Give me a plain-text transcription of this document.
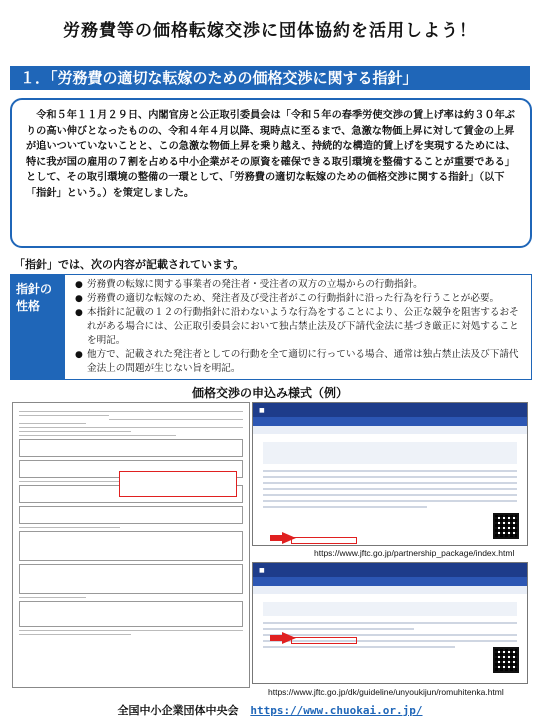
労務費等の価格転嫁交渉に団体協約を活用しよう！
１．「労務費の適切な転嫁のための価格交渉に関する指針」

令和５年１１月２９日、内閣官房と公正取引委員会は「令和５年の春季労使交渉の賃上げ率は約３０年ぶりの高い伸びとなったものの、令和４年４月以降、現時点に至るまで、急激な物価上昇に対して賃金の上昇が追いついていないことと、この急激な物価上昇を乗り越え、持続的な構造的賃上げを実現するためには、特に我が国の雇用の７割を占める中小企業がその原資を確保できる取引環境を整備することが重要である」として、その取引環境の整備の一環として、「労務費の適切な転嫁のための価格交渉に関する指針」（以下「指針」という。）を策定しました。

「指針」では、次の内容が記載されています。
指針の性格
● 労務費の転嫁に関する事業者の発注者・受注者の双方の立場からの行動指針。
● 労務費の適切な転嫁のため、発注者及び受注者がこの行動指針に沿った行為を行うことが必要。
● 本指針に記載の１２の行動指針に沿わないような行為をすることにより、公正な競争を阻害するおそれがある場合には、公正取引委員会において独占禁止法及び下請代金法に基づき厳正に対処することを明記。
● 他方で、記載された発注者としての行動を全て適切に行っている場合、通常は独占禁止法及び下請代金法上の問題が生じない旨を明記。
価格交渉の申込み様式（例）
■
https://www.jftc.go.jp/partnership_package/index.html
■
https://www.jftc.go.jp/dk/guideline/unyoukijun/romuhitenka.html
全国中小企業団体中央会 https://www.chuokai.or.jp/
